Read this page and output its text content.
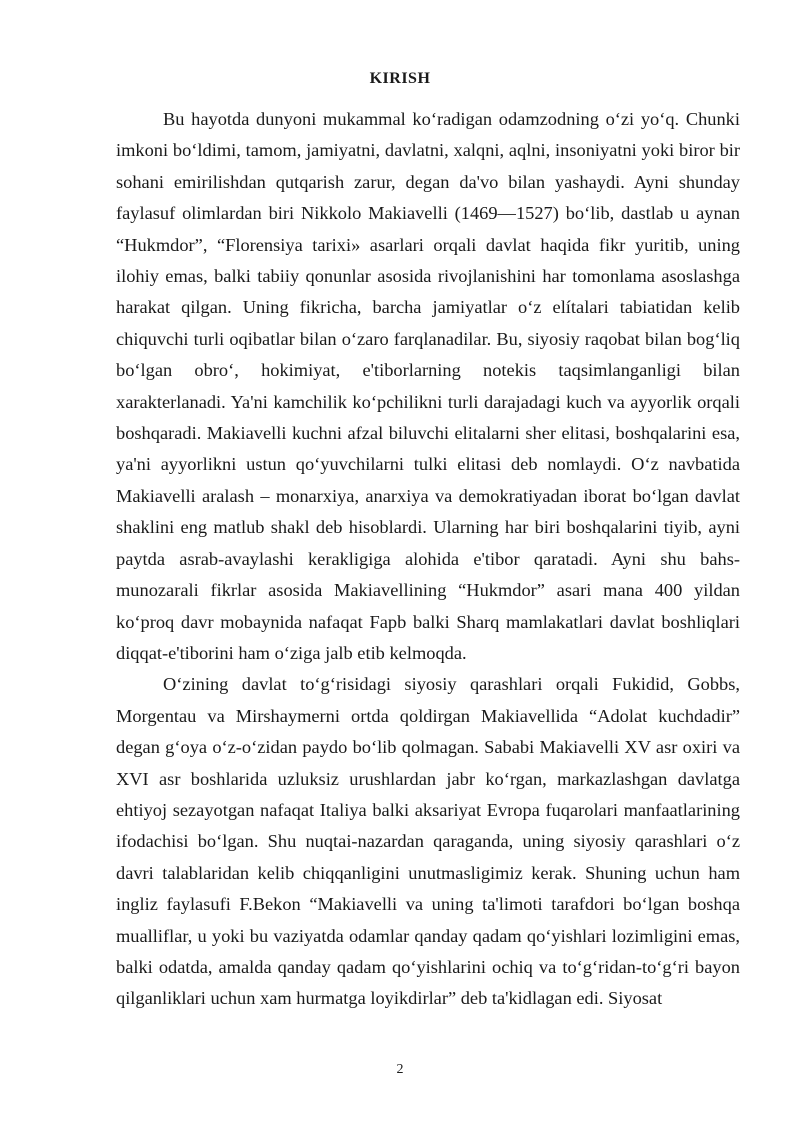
KIRISH

Bu hayotda dunyoni mukammal ko‘radigan odamzodning o‘zi yo‘q. Chunki imkoni bo‘ldimi, tamom, jamiyatni, davlatni, xalqni, aqlni, insoniyatni yoki biror bir sohani emirilishdan qutqarish zarur, degan da'vo bilan yashaydi. Ayni shunday faylasuf olimlardan biri Nikkolo Makiavelli (1469—1527) bo‘lib, dastlab u aynan “Hukmdor”, “Florensiya tarixi» asarlari orqali davlat haqida fikr yuritib, uning ilohiy emas, balki tabiiy qonunlar asosida rivojlanishini har tomonlama asoslashga harakat qilgan. Uning fikricha, barcha jamiyatlar o‘z elítalari tabiatidan kelib chiquvchi turli oqibatlar bilan o‘zaro farqlanadilar. Bu, siyosiy raqobat bilan bog‘liq bo‘lgan obro‘, hokimiyat, e'tiborlarning notekis taqsimlanganligi bilan xarakterlanadi. Ya'ni kamchilik ko‘pchilikni turli darajadagi kuch va ayyorlik orqali boshqaradi. Makiavelli kuchni afzal biluvchi elitalarni sher elitasi, boshqalarini esa, ya'ni ayyorlikni ustun qo‘yuvchilarni tulki elitasi deb nomlaydi. O‘z navbatida Makiavelli aralash – monarxiya, anarxiya va demokratiyadan iborat bo‘lgan davlat shaklini eng matlub shakl deb hisoblardi. Ularning har biri boshqalarini tiyib, ayni paytda asrab-avaylashi kerakligiga alohida e'tibor qaratadi. Ayni shu bahs-munozarali fikrlar asosida Makiavellining “Hukmdor” asari mana 400 yildan ko‘proq davr mobaynida nafaqat Fapb balki Sharq mamlakatlari davlat boshliqlari diqqat-e'tiborini ham o‘ziga jalb etib kelmoqda.

O‘zining davlat to‘g‘risidagi siyosiy qarashlari orqali Fukidid, Gobbs, Morgentau va Mirshaymerni ortda qoldirgan Makiavellida “Adolat kuchdadir” degan g‘oya o‘z-o‘zidan paydo bo‘lib qolmagan. Sababi Makiavelli XV asr oxiri va XVI asr boshlarida uzluksiz urushlardan jabr ko‘rgan, markazlashgan davlatga ehtiyoj sezayotgan nafaqat Italiya balki aksariyat Evropa fuqarolari manfaatlarining ifodachisi bo‘lgan. Shu nuqtai-nazardan qaraganda, uning siyosiy qarashlari o‘z davri talablaridan kelib chiqqanligini unutmasligimiz kerak. Shuning uchun ham ingliz faylasufi F.Bekon “Makiavelli va uning ta'limoti tarafdori bo‘lgan boshqa mualliflar, u yoki bu vaziyatda odamlar qanday qadam qo‘yishlari lozimligini emas, balki odatda, amalda qanday qadam qo‘yishlarini ochiq va to‘g‘ridan-to‘g‘ri bayon qilganliklari uchun xam hurmatga loyikdirlar” deb ta'kidlagan edi. Siyosat

2
